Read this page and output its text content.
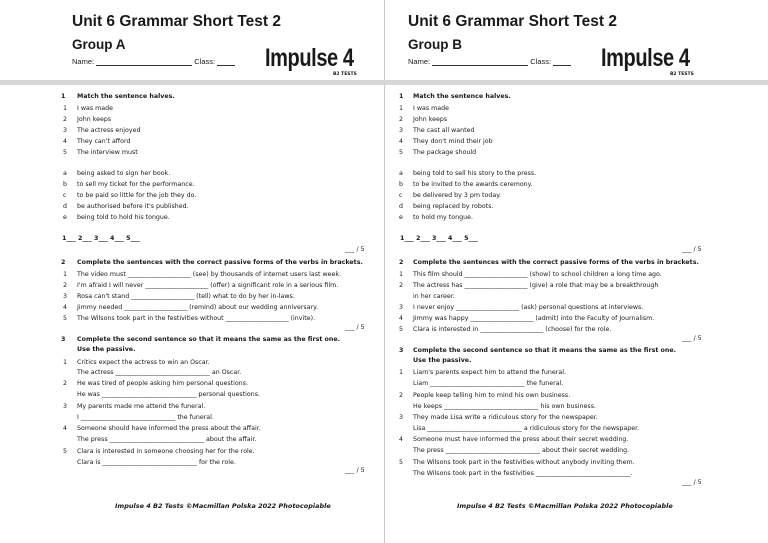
Unit 6 Grammar Short Test 2
Group A
Name:	Class:	Impulse 4
B2 TESTS
1 Match the sentence halves.
1 I was made
2 John keeps
3 The actress enjoyed
4 They can't afford
5 The interview must
a being asked to sign her book.
b to sell my ticket for the performance.
c to be paid so little for the job they do.
d be authorised before it's published.
e being told to hold his tongue.
1___ 2___ 3___ 4___ 5___
___ / 5
2 Complete the sentences with the correct passive forms of the verbs in brackets.
1 The video must ____________________ (see) by thousands of internet users last week.
2 I'm afraid I will never ____________________ (offer) a significant role in a serious film.
3 Rosa can't stand ____________________ (tell) what to do by her in-laws.
4 Jimmy needed ____________________ (remind) about our wedding anniversary.
5 The Wilsons took part in the festivities without ____________________ (invite).
___ / 5
3 Complete the second sentence so that it means the same as the first one.
Use the passive.
1 Critics expect the actress to win an Oscar.
The actress ______________________________ an Oscar.
2 He was tired of people asking him personal questions.
He was ______________________________ personal questions.
3 My parents made me attend the funeral.
I ______________________________ the funeral.
4 Someone should have informed the press about the affair.
The press ______________________________ about the affair.
5 Clara is interested in someone choosing her for the role.
Clara is ______________________________ for the role.
___ / 5
Impulse 4 B2 Tests ©Macmillan Polska 2022 Photocopiable
Unit 6 Grammar Short Test 2
Group B
Name:	Class:	Impulse 4
B2 TESTS
1 Match the sentence halves.
1 I was made
2 John keeps
3 The cast all wanted
4 They don't mind their job
5 The package should
a being told to sell his story to the press.
b to be invited to the awards ceremony.
c be delivered by 3 pm today.
d being replaced by robots.
e to hold my tongue.
1___ 2___ 3___ 4___ 5___
___ / 5
2 Complete the sentences with the correct passive forms of the verbs in brackets.
1 This film should ____________________ (show) to school children a long time ago.
2 The actress has ____________________ (give) a role that may be a breakthrough
in her career.
3 I never enjoy ____________________ (ask) personal questions at interviews.
4 Jimmy was happy ____________________ (admit) into the Faculty of Journalism.
5 Clara is interested in ____________________ (choose) for the role.
___ / 5
3 Complete the second sentence so that it means the same as the first one.
Use the passive.
1 Liam's parents expect him to attend the funeral.
Liam ______________________________ the funeral.
2 People keep telling him to mind his own business.
He keeps ______________________________ his own business.
3 They made Lisa write a ridiculous story for the newspaper.
Lisa ______________________________ a ridiculous story for the newspaper.
4 Someone must have informed the press about their secret wedding.
The press ______________________________ about their secret wedding.
5 The Wilsons took part in the festivities without anybody inviting them.
The Wilsons took part in the festivities ______________________________.
___ / 5
Impulse 4 B2 Tests ©Macmillan Polska 2022 Photocopiable
